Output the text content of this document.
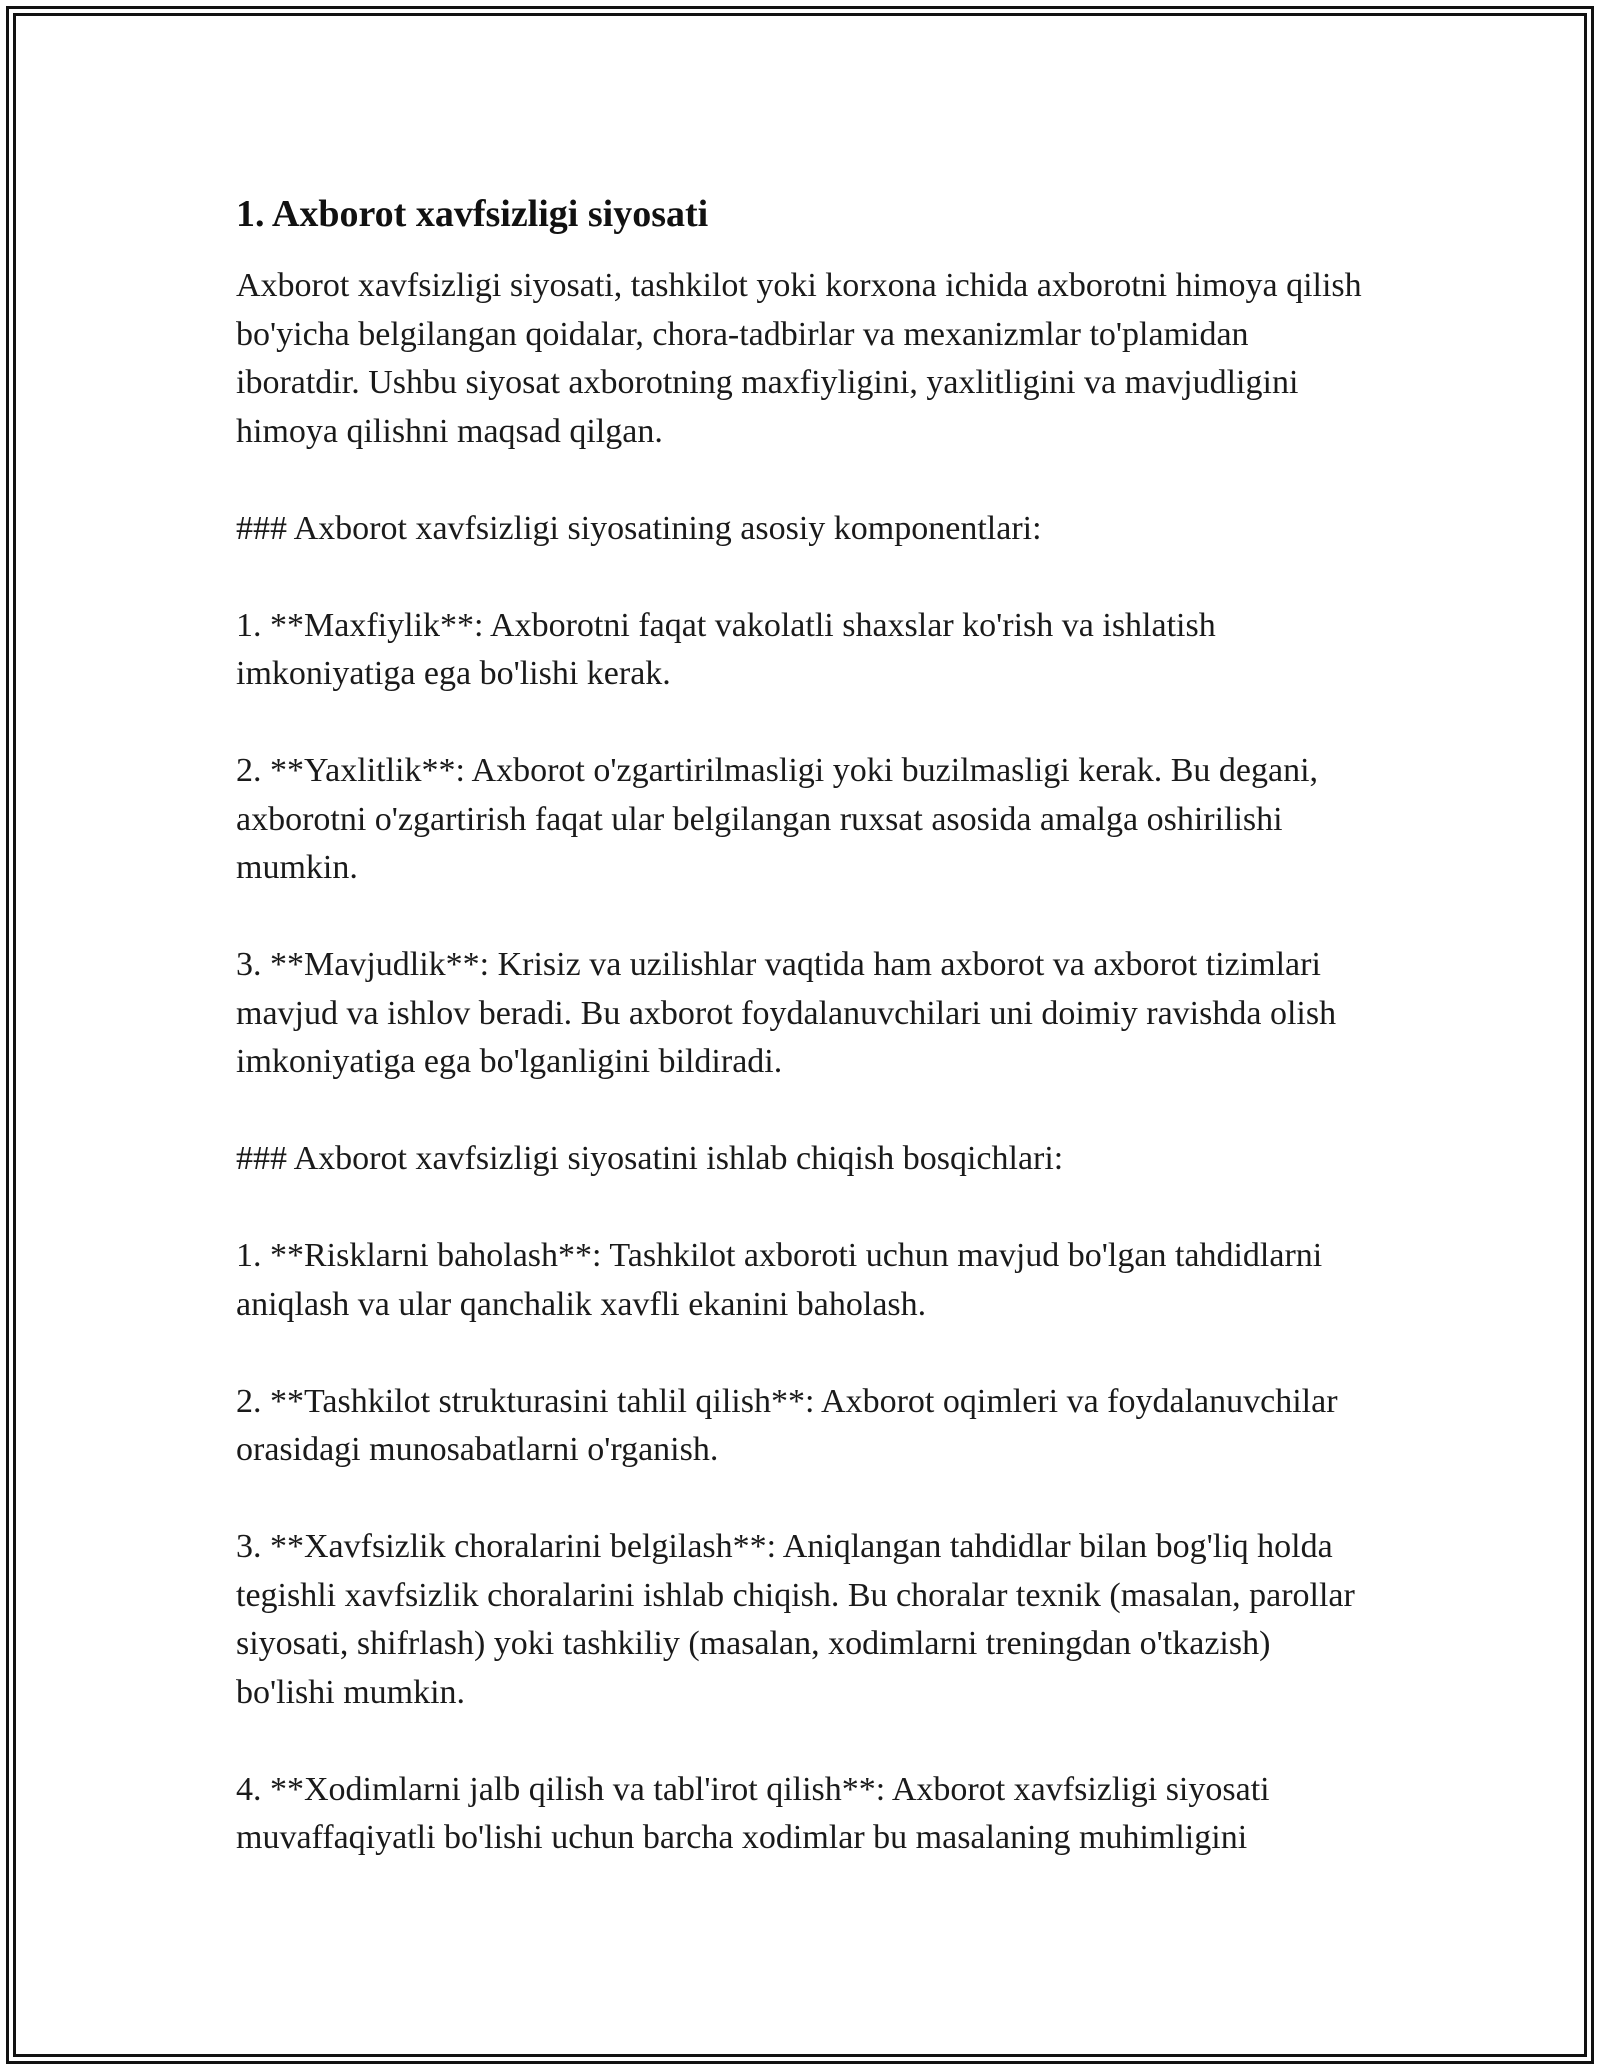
1. Axborot xavfsizligi siyosati

Axborot xavfsizligi siyosati, tashkilot yoki korxona ichida axborotni himoya qilish bo'yicha belgilangan qoidalar, chora-tadbirlar va mexanizmlar to'plamidan iboratdir. Ushbu siyosat axborotning maxfiyligini, yaxlitligini va mavjudligini himoya qilishni maqsad qilgan.

### Axborot xavfsizligi siyosatining asosiy komponentlari:

1. **Maxfiylik**: Axborotni faqat vakolatli shaxslar ko'rish va ishlatish imkoniyatiga ega bo'lishi kerak.

2. **Yaxlitlik**: Axborot o'zgartirilmasligi yoki buzilmasligi kerak. Bu degani, axborotni o'zgartirish faqat ular belgilangan ruxsat asosida amalga oshirilishi mumkin.

3. **Mavjudlik**: Krisiz va uzilishlar vaqtida ham axborot va axborot tizimlari mavjud va ishlov beradi. Bu axborot foydalanuvchilari uni doimiy ravishda olish imkoniyatiga ega bo'lganligini bildiradi.

### Axborot xavfsizligi siyosatini ishlab chiqish bosqichlari:

1. **Risklarni baholash**: Tashkilot axboroti uchun mavjud bo'lgan tahdidlarni aniqlash va ular qanchalik xavfli ekanini baholash.

2. **Tashkilot strukturasini tahlil qilish**: Axborot oqimleri va foydalanuvchilar orasidagi munosabatlarni o'rganish.

3. **Xavfsizlik choralarini belgilash**: Aniqlangan tahdidlar bilan bog'liq holda tegishli xavfsizlik choralarini ishlab chiqish. Bu choralar texnik (masalan, parollar siyosati, shifrlash) yoki tashkiliy (masalan, xodimlarni treningdan o'tkazish) bo'lishi mumkin.

4. **Xodimlarni jalb qilish va tabl'irot qilish**: Axborot xavfsizligi siyosati muvaffaqiyatli bo'lishi uchun barcha xodimlar bu masalaning muhimligini
